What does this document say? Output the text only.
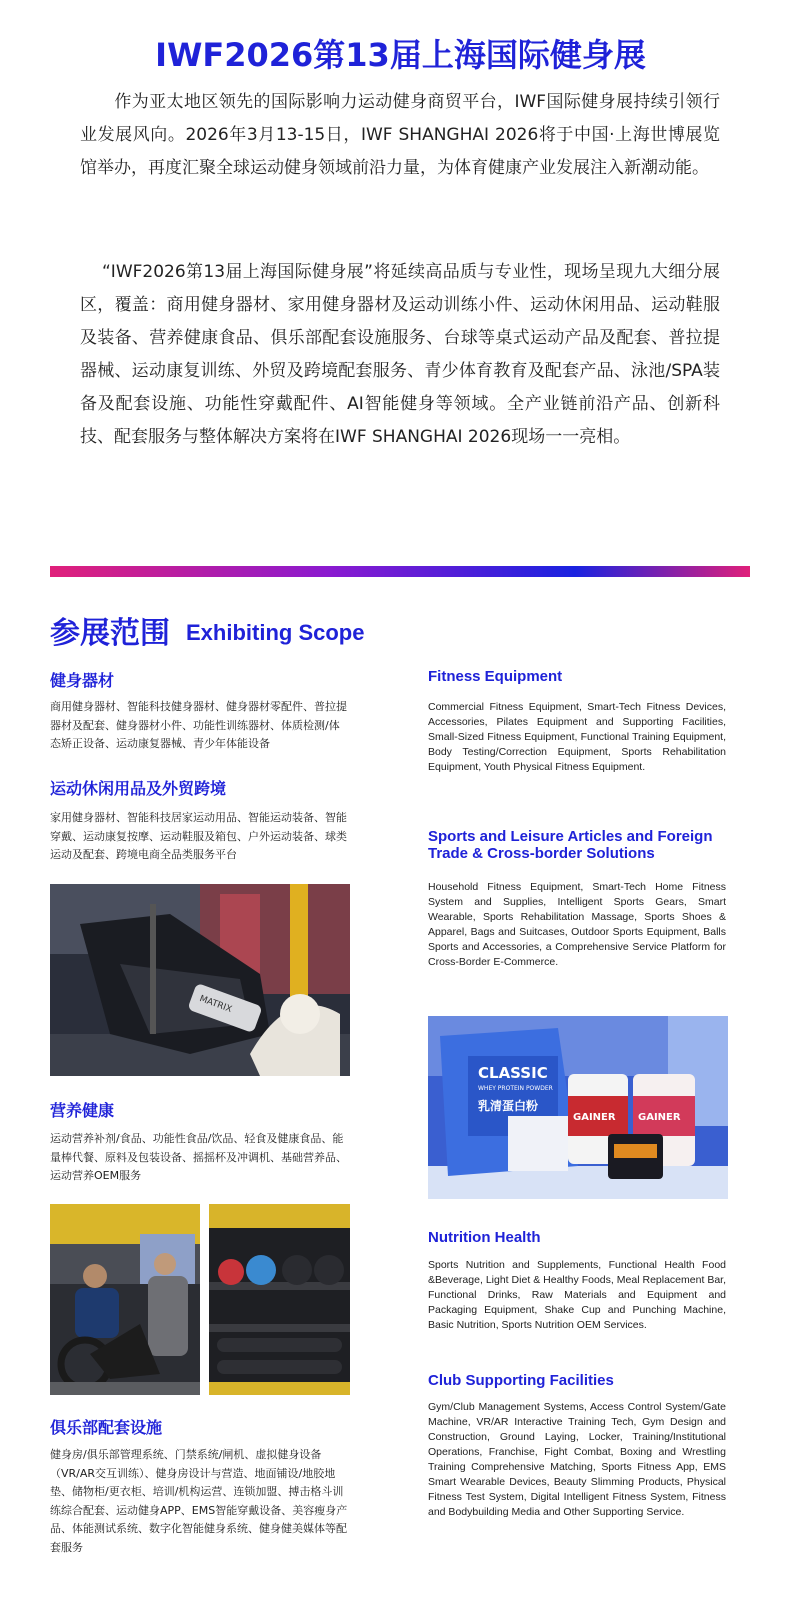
IWF2026第13届上海国际健身展
作为亚太地区领先的国际影响力运动健身商贸平台，IWF国际健身展持续引领行业发展风向。2026年3月13-15日，IWF SHANGHAI 2026将于中国·上海世博展览馆举办，再度汇聚全球运动健身领域前沿力量，为体育健康产业发展注入新潮动能。
“IWF2026第13届上海国际健身展”将延续高品质与专业性，现场呈现九大细分展区，覆盖：商用健身器材、家用健身器材及运动训练小件、运动休闲用品、运动鞋服及装备、营养健康食品、俱乐部配套设施服务、台球等桌式运动产品及配套、普拉提器械、运动康复训练、外贸及跨境配套服务、青少体育教育及配套产品、泳池/SPA装备及配套设施、功能性穿戴配件、AI智能健身等领域。全产业链前沿产品、创新科技、配套服务与整体解决方案将在IWF SHANGHAI 2026现场一一亮相。
参展范围 Exhibiting Scope
健身器材
商用健身器材、智能科技健身器材、健身器材零配件、普拉提器材及配套、健身器材小件、功能性训练器材、体质检测/体态矫正设备、运动康复器械、青少年体能设备
运动休闲用品及外贸跨境
家用健身器材、智能科技居家运动用品、智能运动装备、智能穿戴、运动康复按摩、运动鞋服及箱包、户外运动装备、球类运动及配套、跨境电商全品类服务平台
MATRIX
营养健康
运动营养补剂/食品、功能性食品/饮品、轻食及健康食品、能量棒代餐、原料及包装设备、摇摇杯及冲调机、基础营养品、运动营养OEM服务
俱乐部配套设施
健身房/俱乐部管理系统、门禁系统/闸机、虚拟健身设备（VR/AR交互训练）、健身房设计与营造、地面铺设/地胶地垫、储物柜/更衣柜、培训/机构运营、连锁加盟、搏击格斗训练综合配套、运动健身APP、EMS智能穿戴设备、美容瘦身产品、体能测试系统、数字化智能健身系统、健身健美媒体等配套服务
Fitness Equipment
Commercial Fitness Equipment, Smart-Tech Fitness Devices, Accessories, Pilates Equipment and Supporting Facilities, Small-Sized Fitness Equipment, Functional Training Equipment, Body Testing/Correction Equipment, Sports Rehabilitation Equipment, Youth Physical Fitness Equipment.
Sports and Leisure Articles and Foreign Trade & Cross-border Solutions
Household Fitness Equipment, Smart-Tech Home Fitness System and Supplies, Intelligent Sports Gears, Smart Wearable, Sports Rehabilitation Massage, Sports Shoes & Apparel, Bags and Suitcases, Outdoor Sports Equipment, Balls Sports and Accessories, a Comprehensive Service Platform for Cross-Border E-Commerce.
CLASSIC
WHEY PROTEIN POWDER
乳清蛋白粉
GAINER GAINER
Nutrition Health
Sports Nutrition and Supplements, Functional Health Food &Beverage, Light Diet & Healthy Foods, Meal Replacement Bar, Functional Drinks, Raw Materials and Equipment and Packaging Equipment, Shake Cup and Punching Machine, Basic Nutrition, Sports Nutrition OEM Services.
Club Supporting Facilities
Gym/Club Management Systems, Access Control System/Gate Machine, VR/AR Interactive Training Tech, Gym Design and Construction, Ground Laying, Locker, Training/Institutional Operations, Franchise, Fight Combat, Boxing and Wrestling Training Comprehensive Matching, Sports Fitness App, EMS Smart Wearable Devices, Beauty Slimming Products, Physical Fitness Test System, Digital Intelligent Fitness System, Fitness and Bodybuilding Media and Other Supporting Service.
